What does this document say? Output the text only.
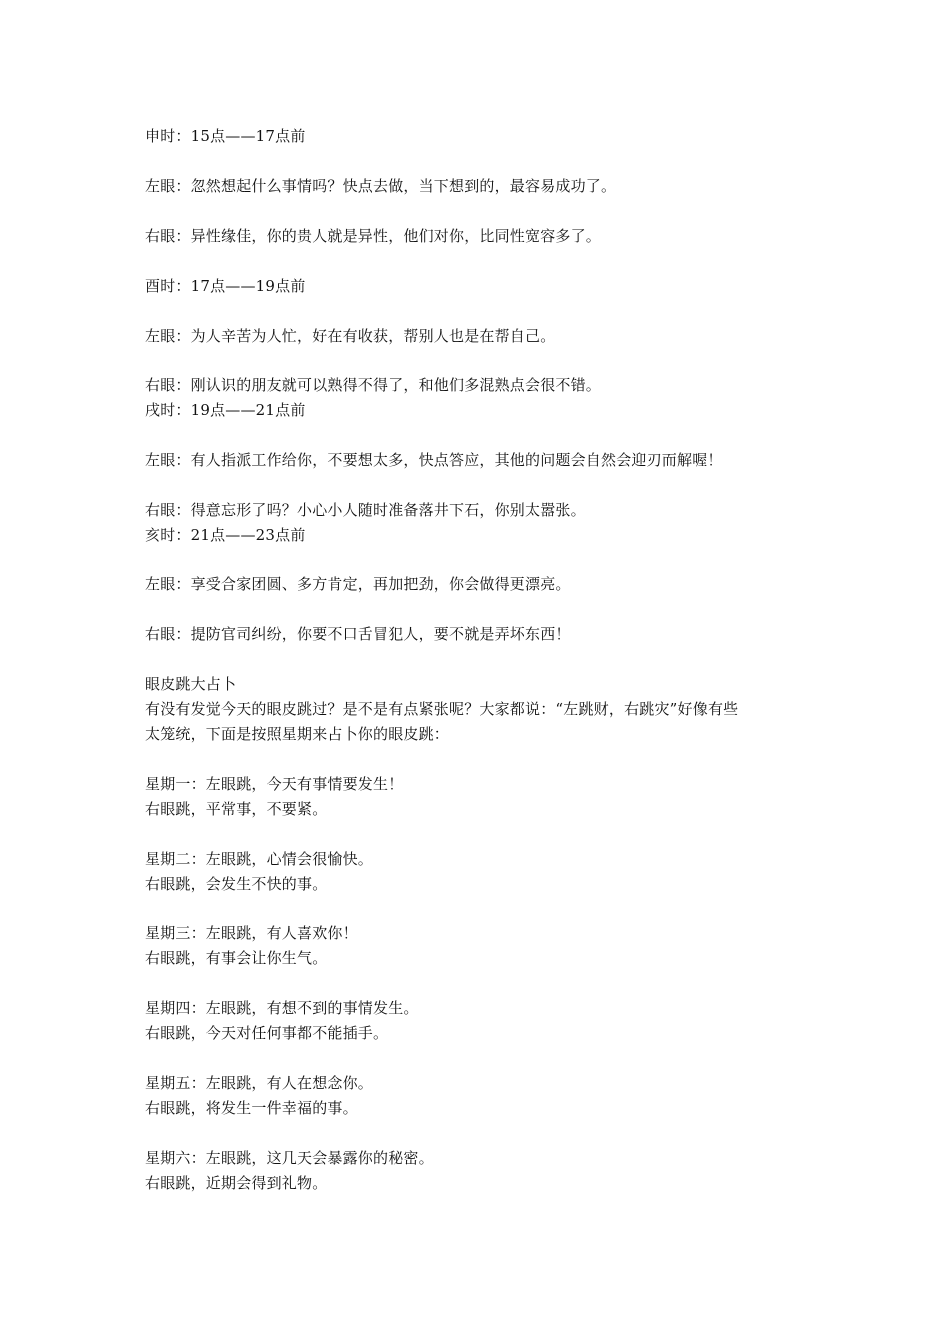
申时：15点——17点前
左眼：忽然想起什么事情吗？快点去做，当下想到的，最容易成功了。
右眼：异性缘佳，你的贵人就是异性，他们对你，比同性宽容多了。
酉时：17点——19点前
左眼：为人辛苦为人忙，好在有收获，帮别人也是在帮自己。
右眼：刚认识的朋友就可以熟得不得了，和他们多混熟点会很不错。
戌时：19点——21点前
左眼：有人指派工作给你，不要想太多，快点答应，其他的问题会自然会迎刃而解喔！
右眼：得意忘形了吗？小心小人随时准备落井下石，你别太嚣张。
亥时：21点——23点前
左眼：享受合家团圆、多方肯定，再加把劲，你会做得更漂亮。
右眼：提防官司纠纷，你要不口舌冒犯人，要不就是弄坏东西！
眼皮跳大占卜
有没有发觉今天的眼皮跳过？是不是有点紧张呢？大家都说：“左跳财，右跳灾”好像有些
太笼统，下面是按照星期来占卜你的眼皮跳：
星期一：左眼跳，今天有事情要发生！
右眼跳，平常事，不要紧。
星期二：左眼跳，心情会很愉快。
右眼跳，会发生不快的事。
星期三：左眼跳，有人喜欢你！
右眼跳，有事会让你生气。
星期四：左眼跳，有想不到的事情发生。
右眼跳，今天对任何事都不能插手。
星期五：左眼跳，有人在想念你。
右眼跳，将发生一件幸福的事。
星期六：左眼跳，这几天会暴露你的秘密。
右眼跳，近期会得到礼物。
